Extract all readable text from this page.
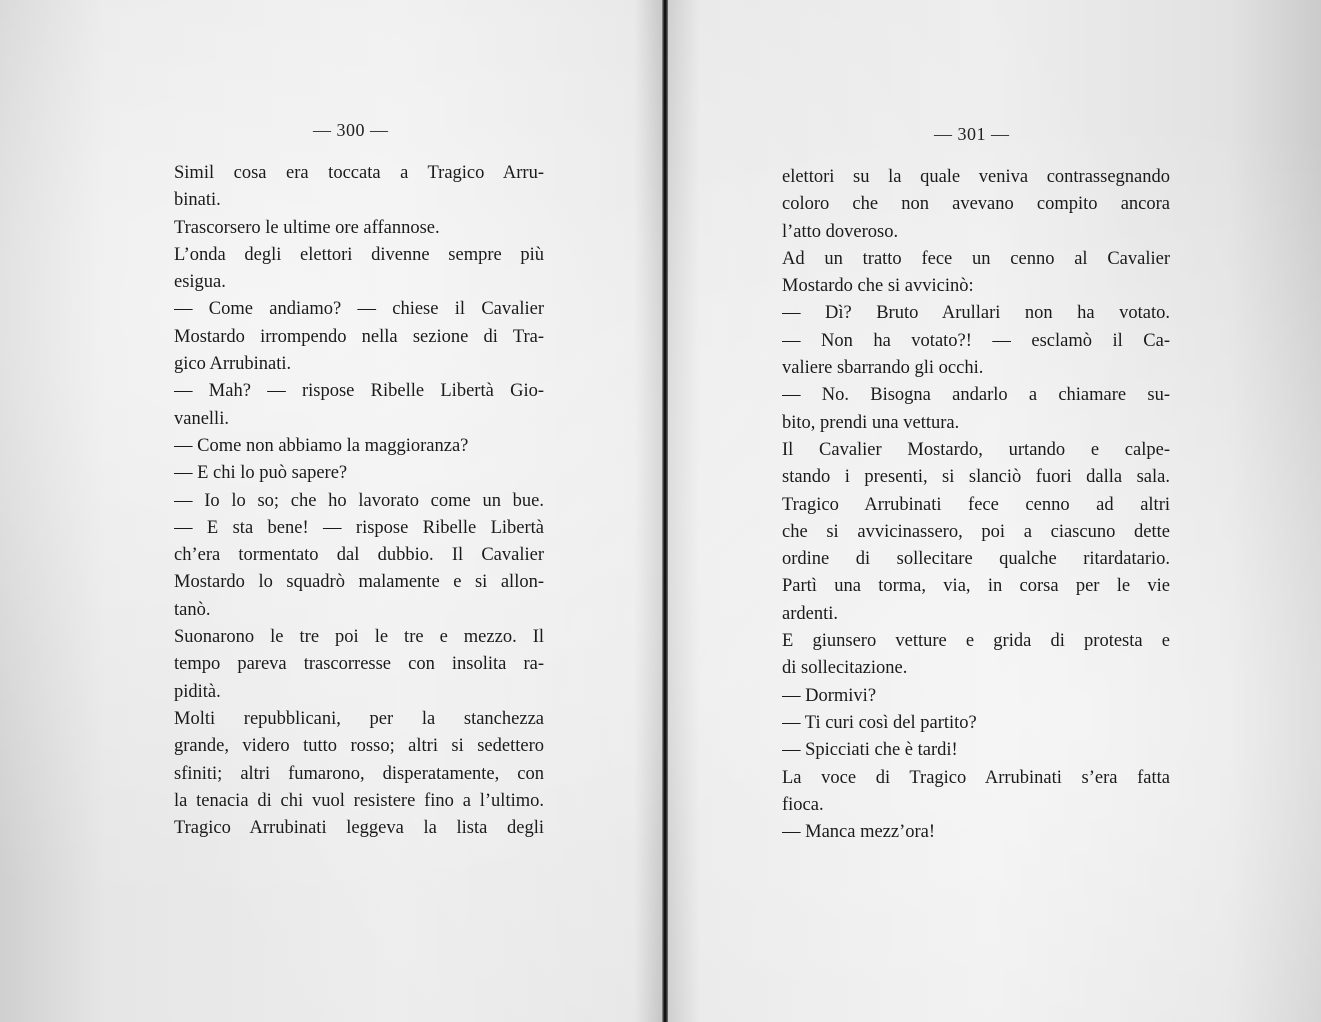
— 300 —
Simil cosa era toccata a Tragico Arru-
binati.
Trascorsero le ultime ore affannose.
L’onda degli elettori divenne sempre più
esigua.
— Come andiamo? — chiese il Cavalier
Mostardo irrompendo nella sezione di Tra-
gico Arrubinati.
— Mah? — rispose Ribelle Libertà Gio-
vanelli.
— Come non abbiamo la maggioranza?
— E chi lo può sapere?
— Io lo so; che ho lavorato come un bue.
— E sta bene! — rispose Ribelle Libertà
ch’era tormentato dal dubbio. Il Cavalier
Mostardo lo squadrò malamente e si allon-
tanò.
Suonarono le tre poi le tre e mezzo. Il
tempo pareva trascorresse con insolita ra-
pidità.
Molti repubblicani, per la stanchezza
grande, videro tutto rosso; altri si sedettero
sfiniti; altri fumarono, disperatamente, con
la tenacia di chi vuol resistere fino a l’ultimo.
Tragico Arrubinati leggeva la lista degli
— 301 —
elettori su la quale veniva contrassegnando
coloro che non avevano compito ancora
l’atto doveroso.
Ad un tratto fece un cenno al Cavalier
Mostardo che si avvicinò:
— Dì? Bruto Arullari non ha votato.
— Non ha votato?! — esclamò il Ca-
valiere sbarrando gli occhi.
— No. Bisogna andarlo a chiamare su-
bito, prendi una vettura.
Il Cavalier Mostardo, urtando e calpe-
stando i presenti, si slanciò fuori dalla sala.
Tragico Arrubinati fece cenno ad altri
che si avvicinassero, poi a ciascuno dette
ordine di sollecitare qualche ritardatario.
Partì una torma, via, in corsa per le vie
ardenti.
E giunsero vetture e grida di protesta e
di sollecitazione.
— Dormivi?
— Ti curi così del partito?
— Spicciati che è tardi!
La voce di Tragico Arrubinati s’era fatta
fioca.
— Manca mezz’ora!
